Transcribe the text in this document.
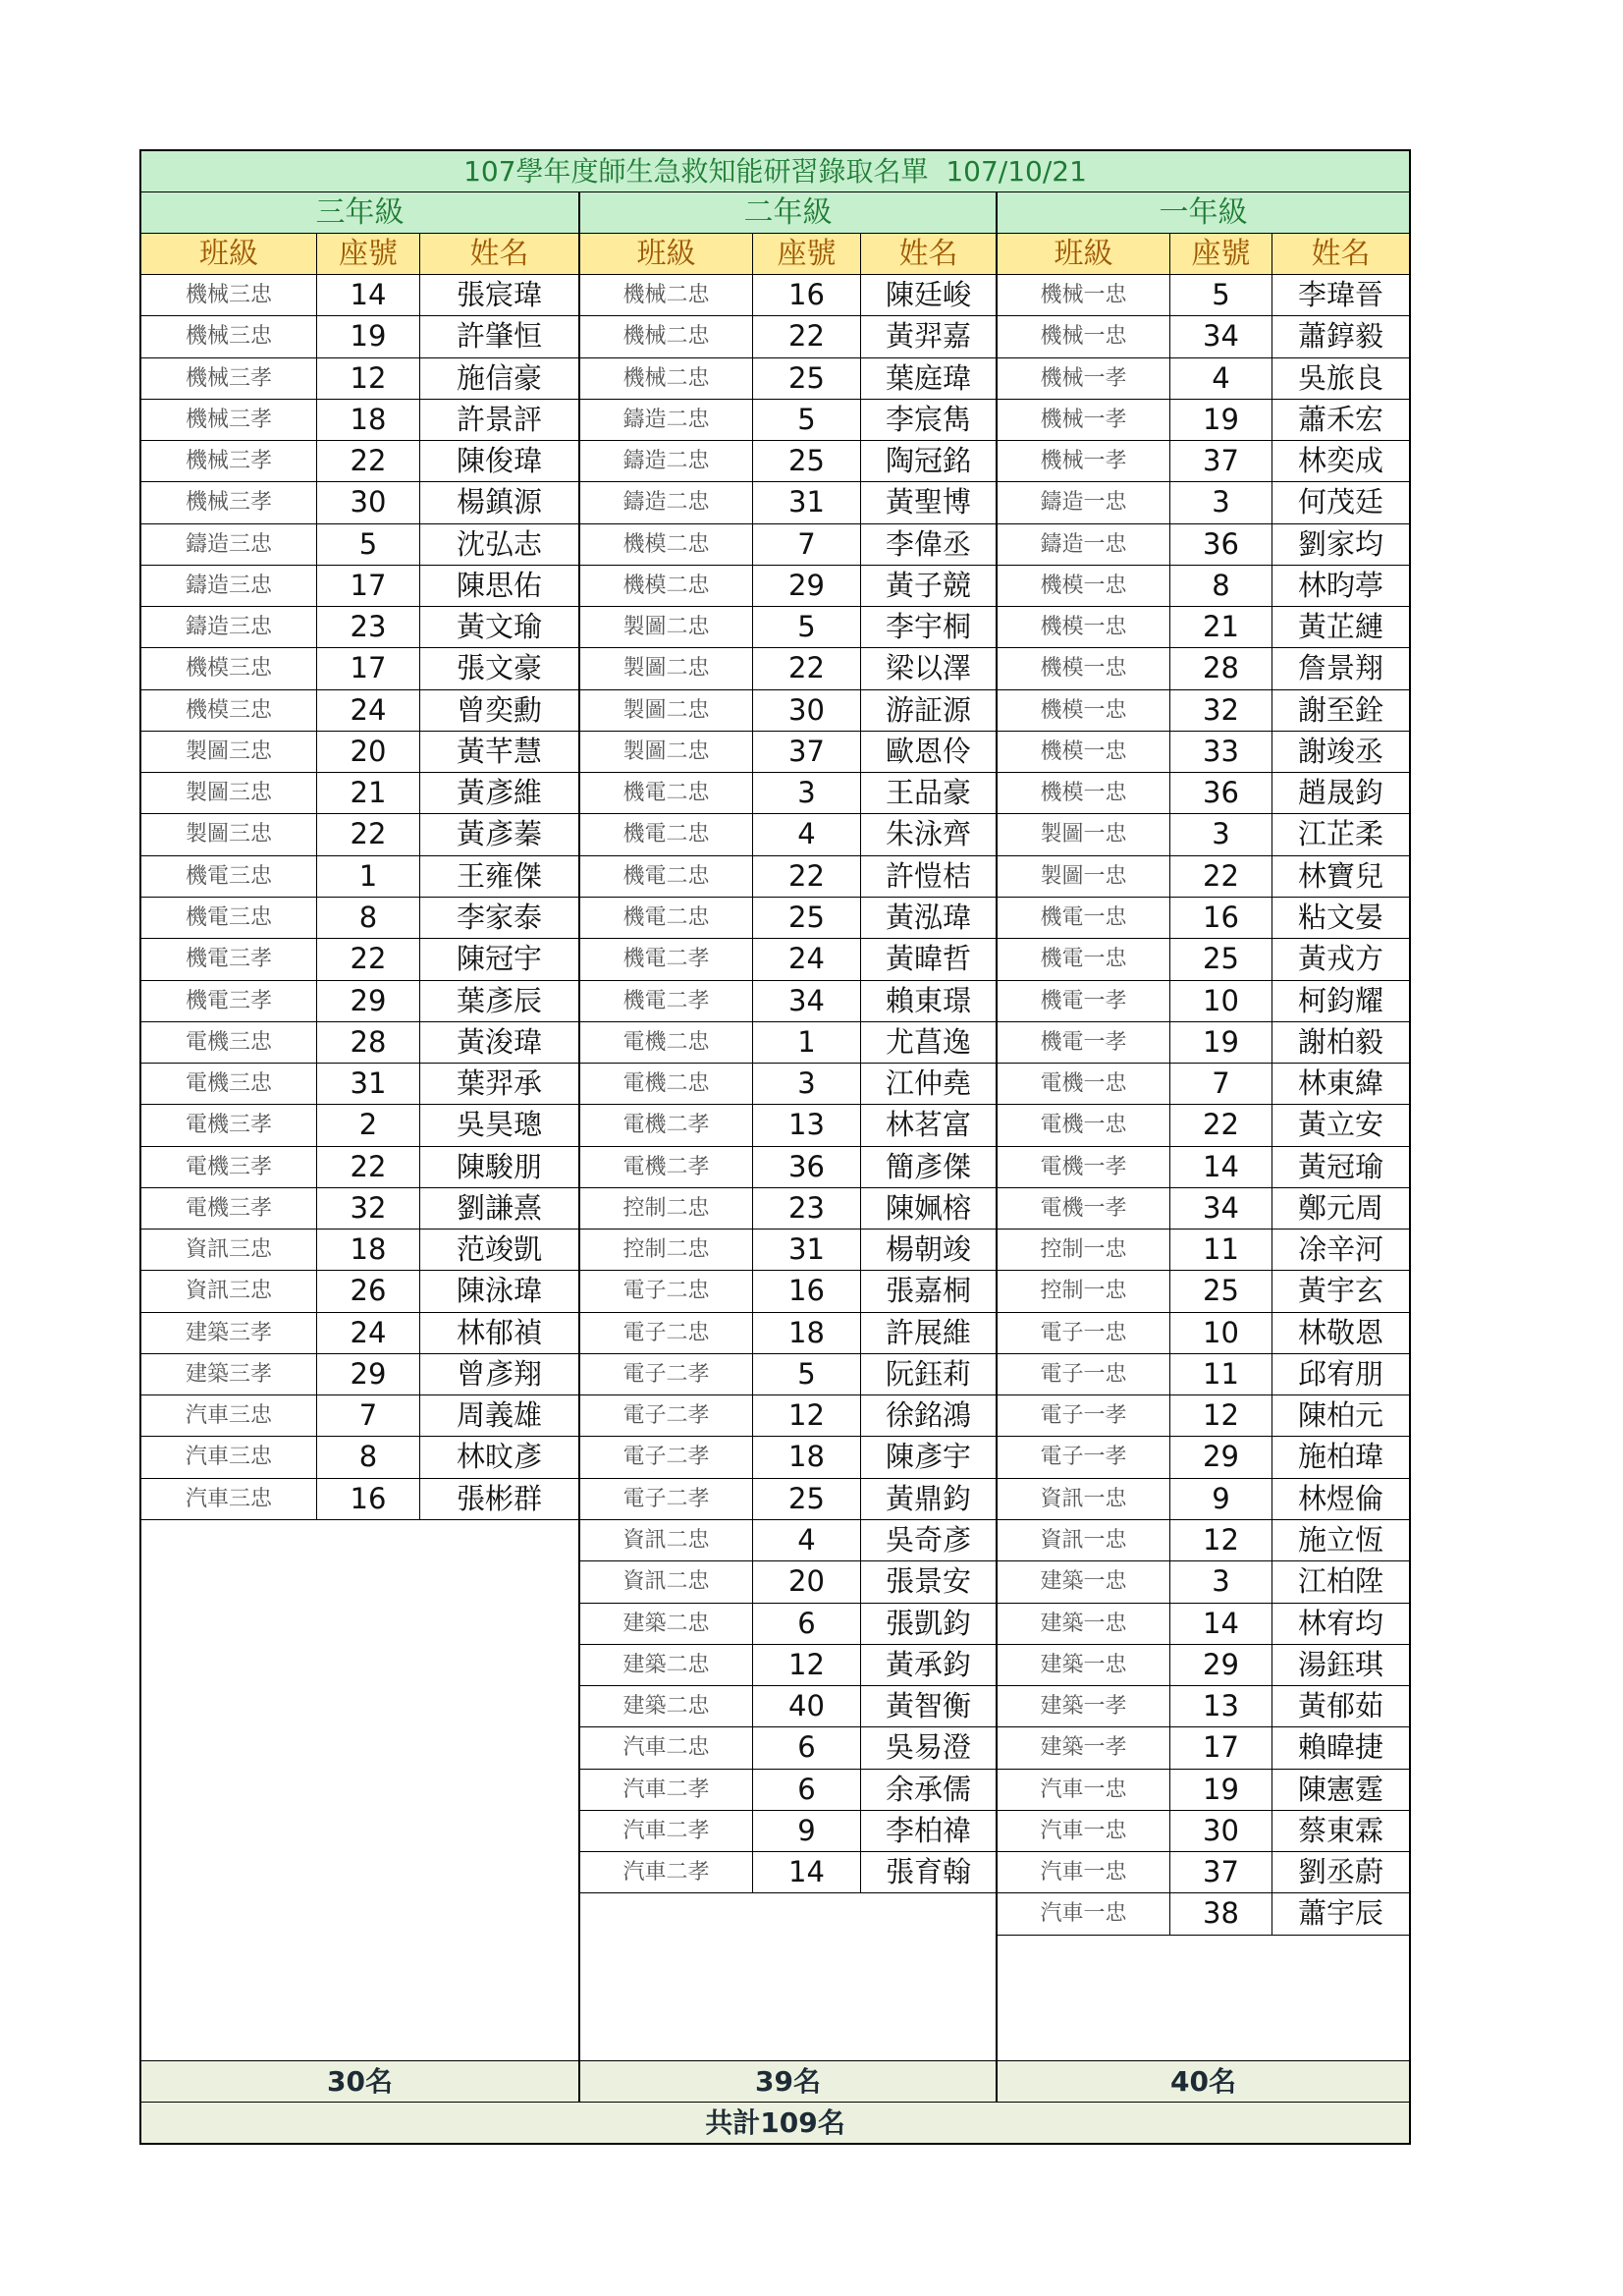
107學年度師生急救知能研習錄取名單  107/10/21
三年級
班級	座號	姓名
機械三忠	14	張宸瑋
機械三忠	19	許肇恒
機械三孝	12	施信豪
機械三孝	18	許景評
機械三孝	22	陳俊瑋
機械三孝	30	楊鎮源
鑄造三忠	5	沈弘志
鑄造三忠	17	陳思佑
鑄造三忠	23	黃文瑜
機模三忠	17	張文豪
機模三忠	24	曾奕勳
製圖三忠	20	黃芊慧
製圖三忠	21	黃彥維
製圖三忠	22	黃彥蓁
機電三忠	1	王雍傑
機電三忠	8	李家泰
機電三孝	22	陳冠宇
機電三孝	29	葉彥辰
電機三忠	28	黃浚瑋
電機三忠	31	葉羿承
電機三孝	2	吳昊璁
電機三孝	22	陳駿朋
電機三孝	32	劉謙熹
資訊三忠	18	范竣凱
資訊三忠	26	陳泳瑋
建築三孝	24	林郁禎
建築三孝	29	曾彥翔
汽車三忠	7	周義雄
汽車三忠	8	林旼彥
汽車三忠	16	張彬群
30名
二年級
班級	座號	姓名
機械二忠	16	陳廷峻
機械二忠	22	黃羿嘉
機械二忠	25	葉庭瑋
鑄造二忠	5	李宸雋
鑄造二忠	25	陶冠銘
鑄造二忠	31	黃聖博
機模二忠	7	李偉丞
機模二忠	29	黃子競
製圖二忠	5	李宇桐
製圖二忠	22	梁以澤
製圖二忠	30	游証源
製圖二忠	37	歐恩伶
機電二忠	3	王品豪
機電二忠	4	朱泳齊
機電二忠	22	許愷桔
機電二忠	25	黃泓瑋
機電二孝	24	黃暐哲
機電二孝	34	賴東璟
電機二忠	1	尤菖逸
電機二忠	3	江仲堯
電機二孝	13	林茗富
電機二孝	36	簡彥傑
控制二忠	23	陳姵榕
控制二忠	31	楊朝竣
電子二忠	16	張嘉桐
電子二忠	18	許展維
電子二孝	5	阮鈺莉
電子二孝	12	徐銘鴻
電子二孝	18	陳彥宇
電子二孝	25	黃鼎鈞
資訊二忠	4	吳奇彥
資訊二忠	20	張景安
建築二忠	6	張凱鈞
建築二忠	12	黃承鈞
建築二忠	40	黃智衡
汽車二忠	6	吳易澄
汽車二孝	6	余承儒
汽車二孝	9	李柏禕
汽車二孝	14	張育翰
39名
一年級
班級	座號	姓名
機械一忠	5	李瑋晉
機械一忠	34	蕭錞毅
機械一孝	4	吳旅良
機械一孝	19	蕭禾宏
機械一孝	37	林奕成
鑄造一忠	3	何茂廷
鑄造一忠	36	劉家均
機模一忠	8	林昀葶
機模一忠	21	黃芷縺
機模一忠	28	詹景翔
機模一忠	32	謝至銓
機模一忠	33	謝竣丞
機模一忠	36	趙晟鈞
製圖一忠	3	江芷柔
製圖一忠	22	林寶兒
機電一忠	16	粘文晏
機電一忠	25	黃戎方
機電一孝	10	柯鈞耀
機電一孝	19	謝柏毅
電機一忠	7	林東緯
電機一忠	22	黃立安
電機一孝	14	黃冠瑜
電機一孝	34	鄭元周
控制一忠	11	凃辛河
控制一忠	25	黃宇玄
電子一忠	10	林敬恩
電子一忠	11	邱宥朋
電子一孝	12	陳柏元
電子一孝	29	施柏瑋
資訊一忠	9	林煜倫
資訊一忠	12	施立恆
建築一忠	3	江柏陞
建築一忠	14	林宥均
建築一忠	29	湯鈺琪
建築一孝	13	黃郁茹
建築一孝	17	賴暐捷
汽車一忠	19	陳憲霆
汽車一忠	30	蔡東霖
汽車一忠	37	劉丞蔚
汽車一忠	38	蕭宇辰
40名
共計109名
